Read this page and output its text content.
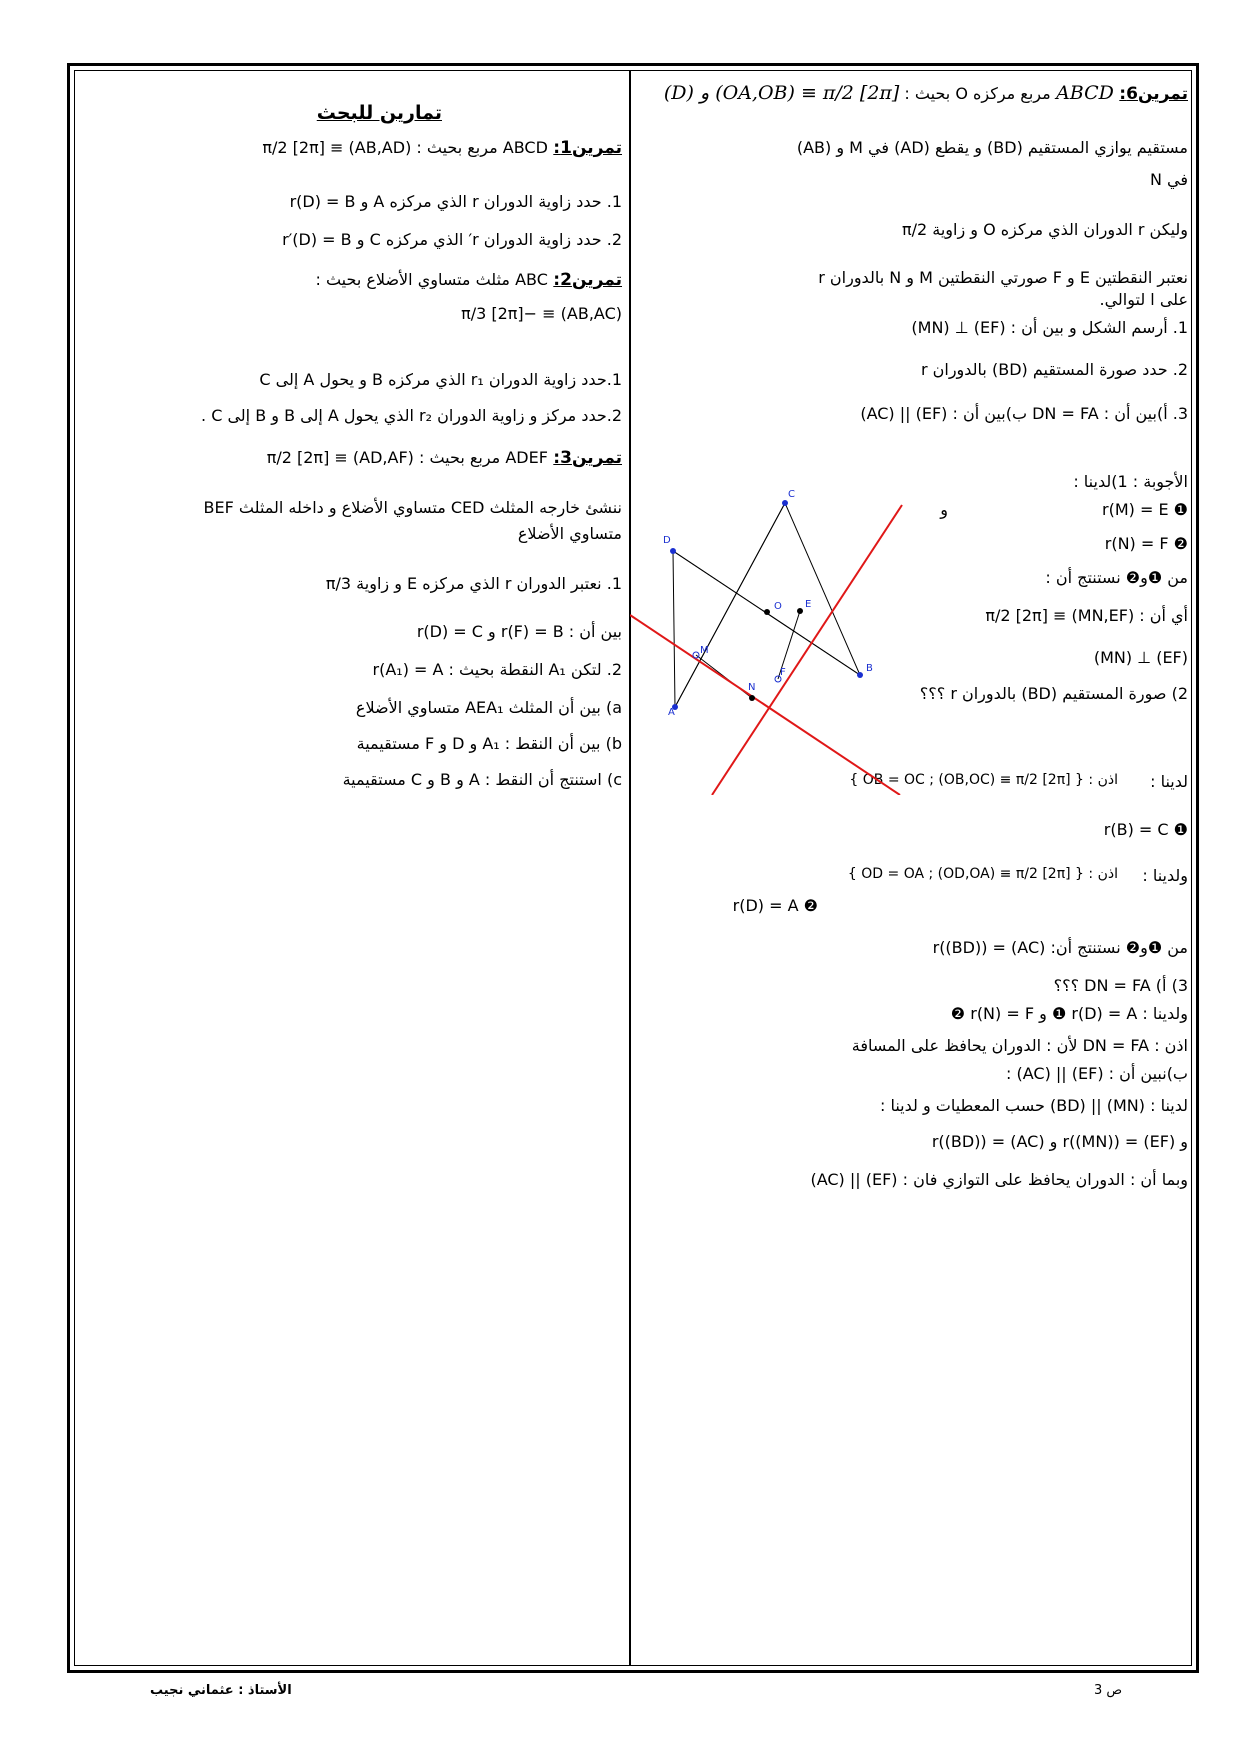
تمرين6: ABCD مربع مركزه O بحيث : (D) و (OA,OB) ≡ π/2 [2π]
مستقيم يوازي المستقيم (BD) و يقطع (AD) في M و (AB)
في N
وليكن r الدوران الذي مركزه O و زاوية π/2
نعتبر النقطتين E و F صورتي النقطتين M و N بالدوران r
على ا لتوالي.
1. أرسم الشكل و بين أن : (EF) ⊥ (MN)
2. حدد صورة المستقيم (BD) بالدوران r
3. أ)بين أن : DN = FA ب)بين أن : (EF) || (AC)
الأجوبة : 1)لدينا :
و	❶ r(M) = E
❷ r(N) = F
من ❶و❷ نستنتج أن :
أي أن : (MN,EF) ≡ π/2 [2π]
(EF) ⊥ (MN)
2) صورة المستقيم (BD) بالدوران r ؟؟؟
لدينا :
اذن : { OB = OC ; (OB,OC) ≡ π/2 [2π] }
❶ r(B) = C
ولدينا :
اذن : { OD = OA ; (OD,OA) ≡ π/2 [2π] }
❷ r(D) = A
من ❶و❷ نستنتج أن: r((BD)) = (AC)
3) أ) DN = FA ؟؟؟
ولدينا : r(D) = A ❶ و r(N) = F ❷
اذن : DN = FA لأن : الدوران يحافظ على المسافة
ب)نبين أن : (EF) || (AC) :
لدينا : (MN) || (BD) حسب المعطيات و لدينا :
و r((MN)) = (EF) و r((BD)) = (AC)
وبما أن : الدوران يحافظ على التوازي فان : (EF) || (AC)
C
D
O E
M
B
N
F
A
تمارين للبحث
تمرين1: ABCD مربع بحيث : (AB,AD) ≡ π/2 [2π]
1. حدد زاوية الدوران r الذي مركزه A و r(D) = B
2. حدد زاوية الدوران r′ الذي مركزه C و r′(D) = B
تمرين2: ABC مثلث متساوي الأضلاع بحيث :
(AB,AC) ≡ −π/3 [2π]
1.حدد زاوية الدوران r₁ الذي مركزه B و يحول A إلى C
2.حدد مركز و زاوية الدوران r₂ الذي يحول A إلى B و B إلى C .
تمرين3: ADEF مربع بحيث : (AD,AF) ≡ π/2 [2π]
ننشئ خارجه المثلث CED متساوي الأضلاع و داخله المثلث BEF
متساوي الأضلاع
1. نعتبر الدوران r الذي مركزه E و زاوية π/3
بين أن : r(F) = B و r(D) = C
2. لتكن A₁ النقطة بحيث : r(A₁) = A
a) بين أن المثلث AEA₁ متساوي الأضلاع
b) بين أن النقط : A₁ و D و F مستقيمية
c) استنتج أن النقط : A و B و C مستقيمية
ص 3
الأستاذ : عثماني نجيب
